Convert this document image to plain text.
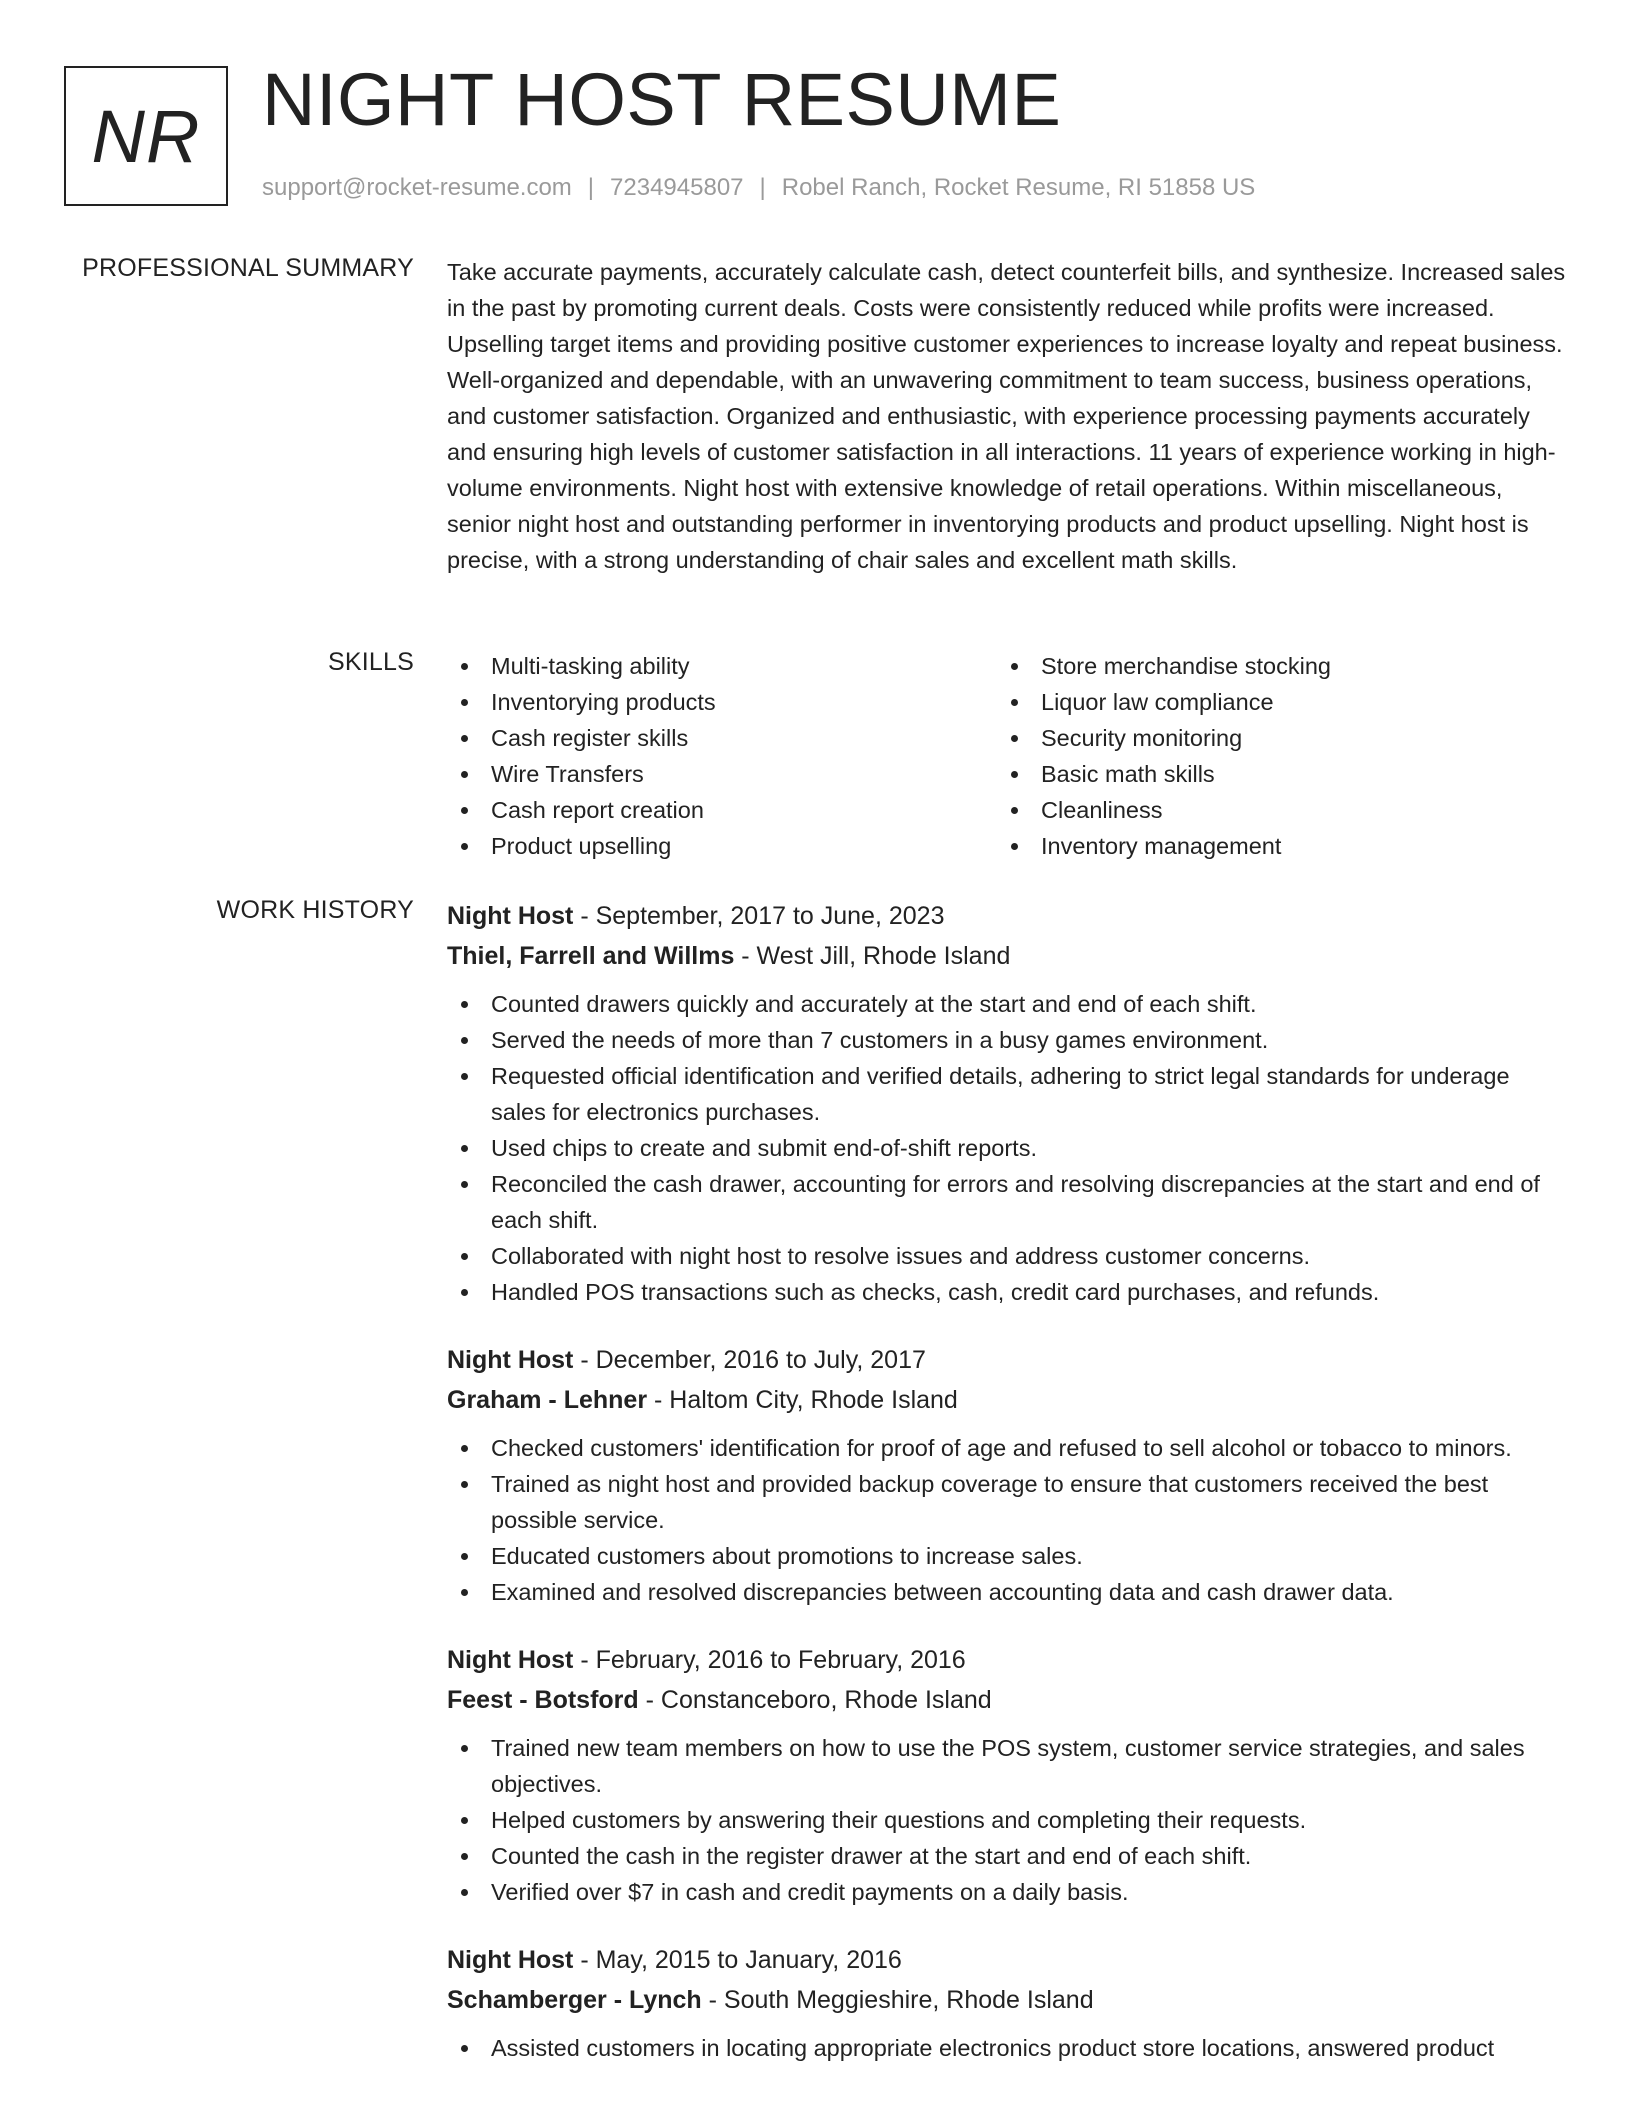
NR NIGHT HOST RESUME
support@rocket-resume.com | 7234945807 | Robel Ranch, Rocket Resume, RI 51858 US
PROFESSIONAL SUMMARY Take accurate payments, accurately calculate cash, detect counterfeit bills, and synthesize. Increased sales in the past by promoting current deals. Costs were consistently reduced while profits were increased. Upselling target items and providing positive customer experiences to increase loyalty and repeat business. Well-organized and dependable, with an unwavering commitment to team success, business operations, and customer satisfaction. Organized and enthusiastic, with experience processing payments accurately and ensuring high levels of customer satisfaction in all interactions. 11 years of experience working in high-volume environments. Night host with extensive knowledge of retail operations. Within miscellaneous, senior night host and outstanding performer in inventorying products and product upselling. Night host is precise, with a strong understanding of chair sales and excellent math skills.

SKILLS	Multi-tasking ability
Inventorying products
Cash register skills
Wire Transfers
Cash report creation
Product upselling
Store merchandise stocking
Liquor law compliance
Security monitoring
Basic math skills
Cleanliness
Inventory management
WORK HISTORY Night Host - September, 2017 to June, 2023
Thiel, Farrell and Willms - West Jill, Rhode Island
Counted drawers quickly and accurately at the start and end of each shift.
Served the needs of more than 7 customers in a busy games environment.
Requested official identification and verified details, adhering to strict legal standards for underage sales for electronics purchases.
Used chips to create and submit end-of-shift reports.
Reconciled the cash drawer, accounting for errors and resolving discrepancies at the start and end of each shift.
Collaborated with night host to resolve issues and address customer concerns.
Handled POS transactions such as checks, cash, credit card purchases, and refunds.
Night Host - December, 2016 to July, 2017
Graham - Lehner - Haltom City, Rhode Island
Checked customers' identification for proof of age and refused to sell alcohol or tobacco to minors.
Trained as night host and provided backup coverage to ensure that customers received the best possible service.
Educated customers about promotions to increase sales.
Examined and resolved discrepancies between accounting data and cash drawer data.
Night Host - February, 2016 to February, 2016
Feest - Botsford - Constanceboro, Rhode Island
Trained new team members on how to use the POS system, customer service strategies, and sales objectives.
Helped customers by answering their questions and completing their requests.
Counted the cash in the register drawer at the start and end of each shift.
Verified over $7 in cash and credit payments on a daily basis.
Night Host - May, 2015 to January, 2016
Schamberger - Lynch - South Meggieshire, Rhode Island
Assisted customers in locating appropriate electronics product store locations, answered product
